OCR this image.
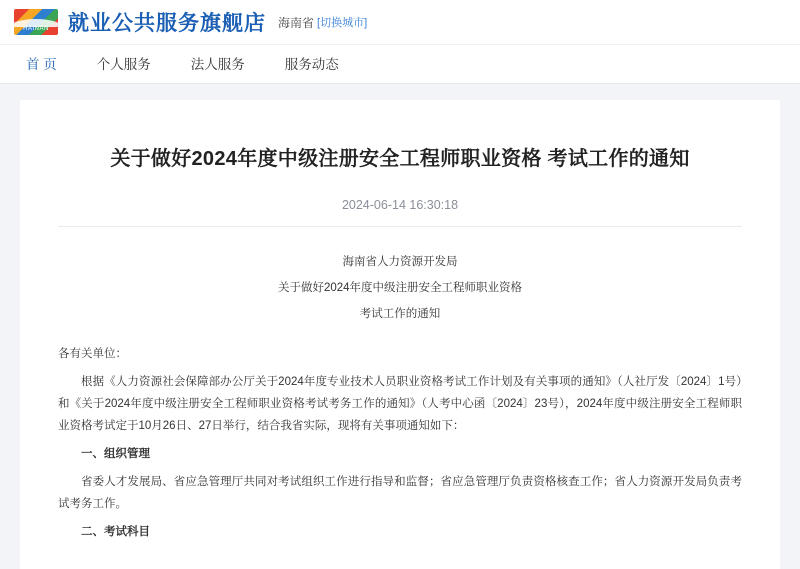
HAINAN 就业公共服务旗舰店 海南省 [切换城市]
首 页	个人服务	法人服务	服务动态
关于做好2024年度中级注册安全工程师职业资格 考试工作的通知
2024-06-14 16:30:18
海南省人力资源开发局
关于做好2024年度中级注册安全工程师职业资格
考试工作的通知

各有关单位：

根据《人力资源社会保障部办公厅关于2024年度专业技术人员职业资格考试工作计划及有关事项的通知》（人社厅发〔2024〕1号）和《关于2024年度中级注册安全工程师职业资格考试考务工作的通知》（人考中心函〔2024〕23号），2024年度中级注册安全工程师职业资格考试定于10月26日、27日举行，结合我省实际，现将有关事项通知如下：

一、组织管理

省委人才发展局、省应急管理厅共同对考试组织工作进行指导和监督；省应急管理厅负责资格核查工作；省人力资源开发局负责考试考务工作。

二、考试科目
